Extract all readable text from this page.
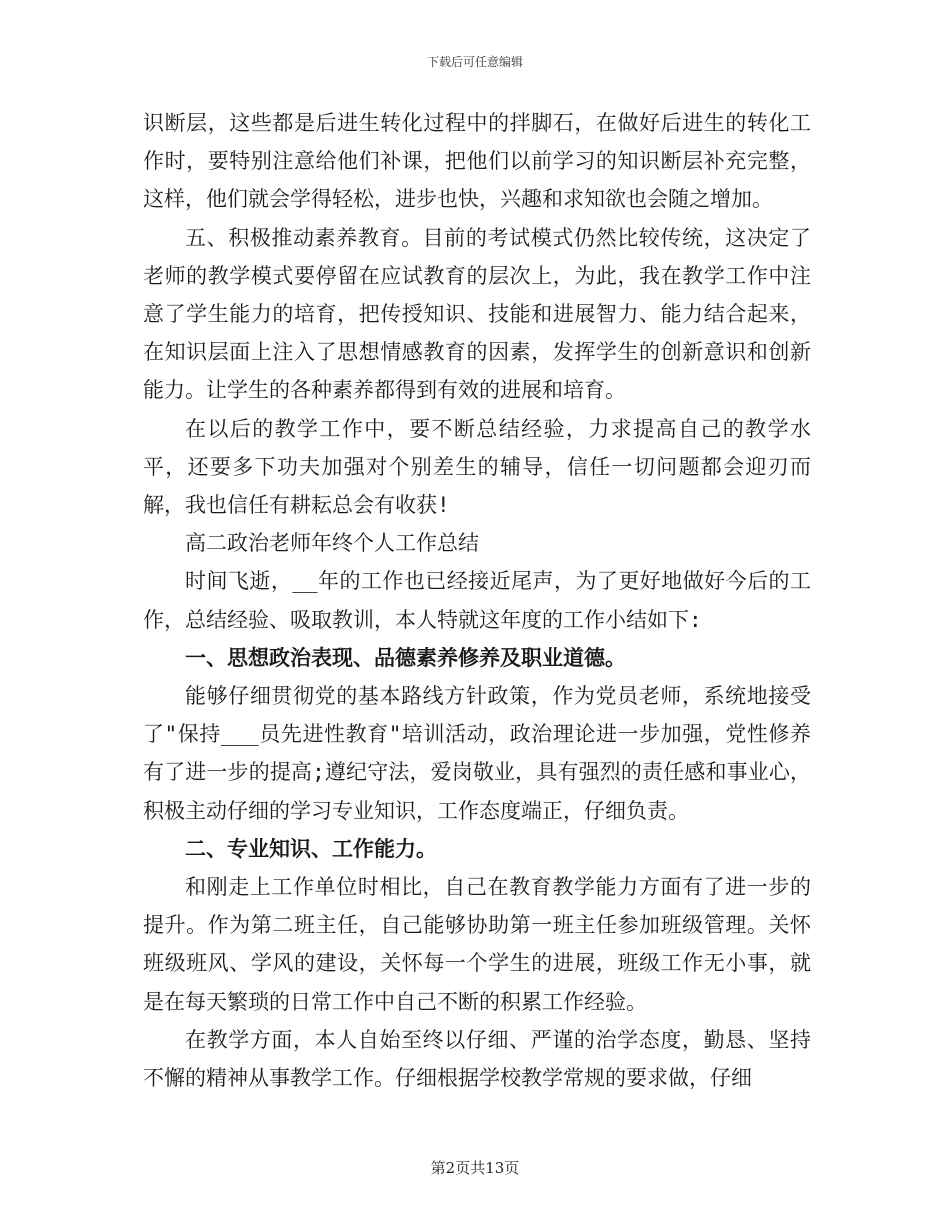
下载后可任意编辑

识断层，这些都是后进生转化过程中的拌脚石，在做好后进生的转化工作时，要特别注意给他们补课，把他们以前学习的知识断层补充完整，这样，他们就会学得轻松，进步也快，兴趣和求知欲也会随之增加。

五、积极推动素养教育。目前的考试模式仍然比较传统，这决定了老师的教学模式要停留在应试教育的层次上，为此，我在教学工作中注意了学生能力的培育，把传授知识、技能和进展智力、能力结合起来，在知识层面上注入了思想情感教育的因素，发挥学生的创新意识和创新能力。让学生的各种素养都得到有效的进展和培育。

在以后的教学工作中，要不断总结经验，力求提高自己的教学水平，还要多下功夫加强对个别差生的辅导，信任一切问题都会迎刃而解，我也信任有耕耘总会有收获!

高二政治老师年终个人工作总结

时间飞逝，__年的工作也已经接近尾声，为了更好地做好今后的工作，总结经验、吸取教训，本人特就这年度的工作小结如下:

一、思想政治表现、品德素养修养及职业道德。

能够仔细贯彻党的基本路线方针政策，作为党员老师，系统地接受了"保持___员先进性教育"培训活动，政治理论进一步加强，党性修养有了进一步的提高;遵纪守法，爱岗敬业，具有强烈的责任感和事业心，积极主动仔细的学习专业知识，工作态度端正，仔细负责。

二、专业知识、工作能力。

和刚走上工作单位时相比，自己在教育教学能力方面有了进一步的提升。作为第二班主任，自己能够协助第一班主任参加班级管理。关怀班级班风、学风的建设，关怀每一个学生的进展，班级工作无小事，就是在每天繁琐的日常工作中自己不断的积累工作经验。

在教学方面，本人自始至终以仔细、严谨的治学态度，勤恳、坚持不懈的精神从事教学工作。仔细根据学校教学常规的要求做，仔细

第2页共13页
